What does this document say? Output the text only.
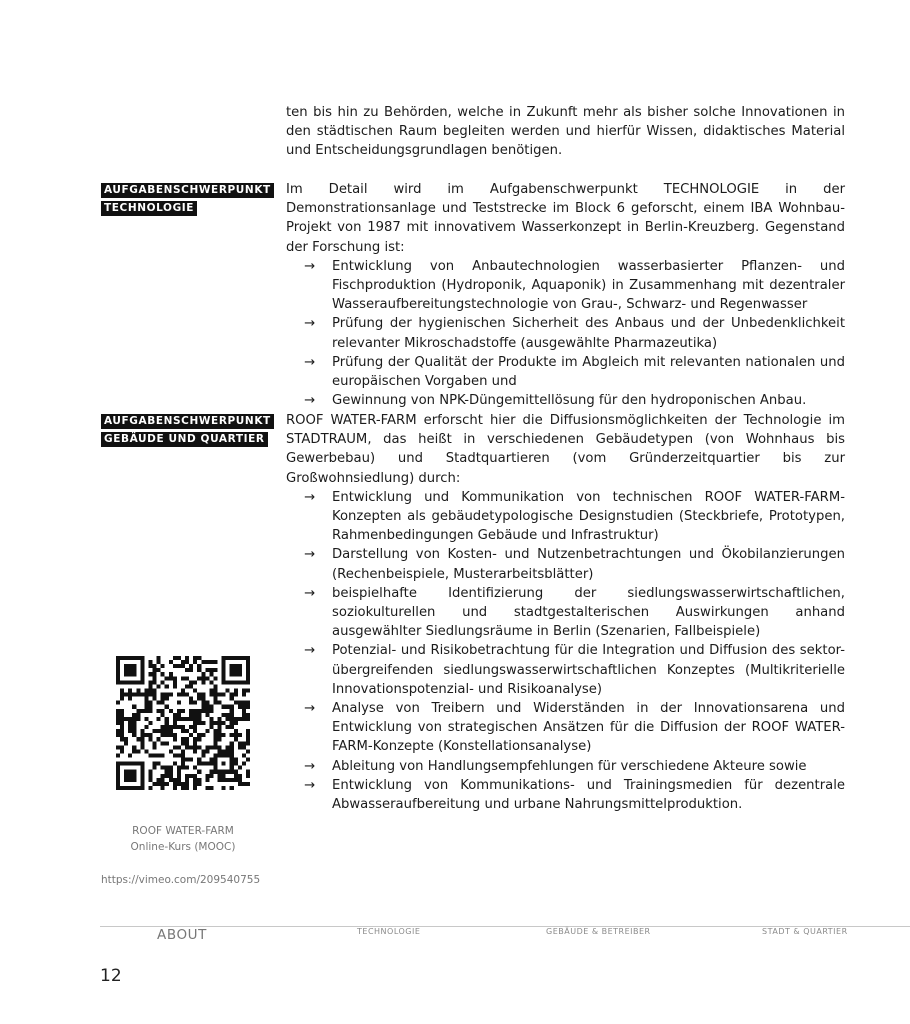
ten bis hin zu Behörden, welche in Zukunft mehr als bisher solche Innovationen in den städtischen Raum begleiten werden und hierfür Wissen, didaktisches Material und Entscheidungsgrundlagen benötigen.

AUFGABENSCHWERPUNKT
TECHNOLOGIE

Im Detail wird im Aufgabenschwerpunkt TECHNOLOGIE in der Demonstrationsanlage und Teststrecke im Block 6 geforscht, einem IBA Wohnbau-Projekt von 1987 mit innovativem Wasserkonzept in Berlin-Kreuzberg. Gegenstand der Forschung ist:

→ Entwicklung von Anbautechnologien wasserbasierter Pflanzen- und Fischproduktion (Hydroponik, Aquaponik) in Zusammenhang mit dezentraler Wasseraufbereitungstechnologie von Grau-, Schwarz- und Regenwasser
→ Prüfung der hygienischen Sicherheit des Anbaus und der Unbedenklichkeit relevanter Mikroschadstoffe (ausgewählte Pharmazeutika)
→ Prüfung der Qualität der Produkte im Abgleich mit relevanten nationalen und europäischen Vorgaben und
→ Gewinnung von NPK-Düngemittellösung für den hydroponischen Anbau.
AUFGABENSCHWERPUNKT
GEBÄUDE UND QUARTIER

ROOF WATER-FARM erforscht hier die Diffusionsmöglichkeiten der Technologie im STADTRAUM, das heißt in verschiedenen Gebäudetypen (von Wohnhaus bis Gewerbebau) und Stadtquartieren (vom Gründerzeitquartier bis zur Großwohnsiedlung) durch:

→ Entwicklung und Kommunikation von technischen ROOF WATER-FARM-Konzepten als gebäudetypologische Designstudien (Steckbriefe, Prototypen, Rahmenbedingungen Gebäude und Infrastruktur)
→ Darstellung von Kosten- und Nutzenbetrachtungen und Ökobilanzierungen (Rechenbeispiele, Musterarbeitsblätter)
→ beispielhafte Identifizierung der siedlungswasserwirtschaftlichen, soziokulturellen und stadtgestalterischen Auswirkungen anhand ausgewählter Siedlungsräume in Berlin (Szenarien, Fallbeispiele)
→ Potenzial- und Risikobetrachtung für die Integration und Diffusion des sektor-übergreifenden siedlungswasserwirtschaftlichen Konzeptes (Multikriterielle Innovationspotenzial- und Risikoanalyse)
→ Analyse von Treibern und Widerständen in der Innovationsarena und Entwicklung von strategischen Ansätzen für die Diffusion der ROOF WATER-FARM-Konzepte (Konstellationsanalyse)
→ Ableitung von Handlungsempfehlungen für verschiedene Akteure sowie
→ Entwicklung von Kommunikations- und Trainingsmedien für dezentrale Abwasseraufbereitung und urbane Nahrungsmittelproduktion.
ROOF WATER-FARM
Online-Kurs (MOOC)
https://vimeo.com/209540755
ABOUT	TECHNOLOGIE	GEBÄUDE & BETREIBER	STADT & QUARTIER
12
